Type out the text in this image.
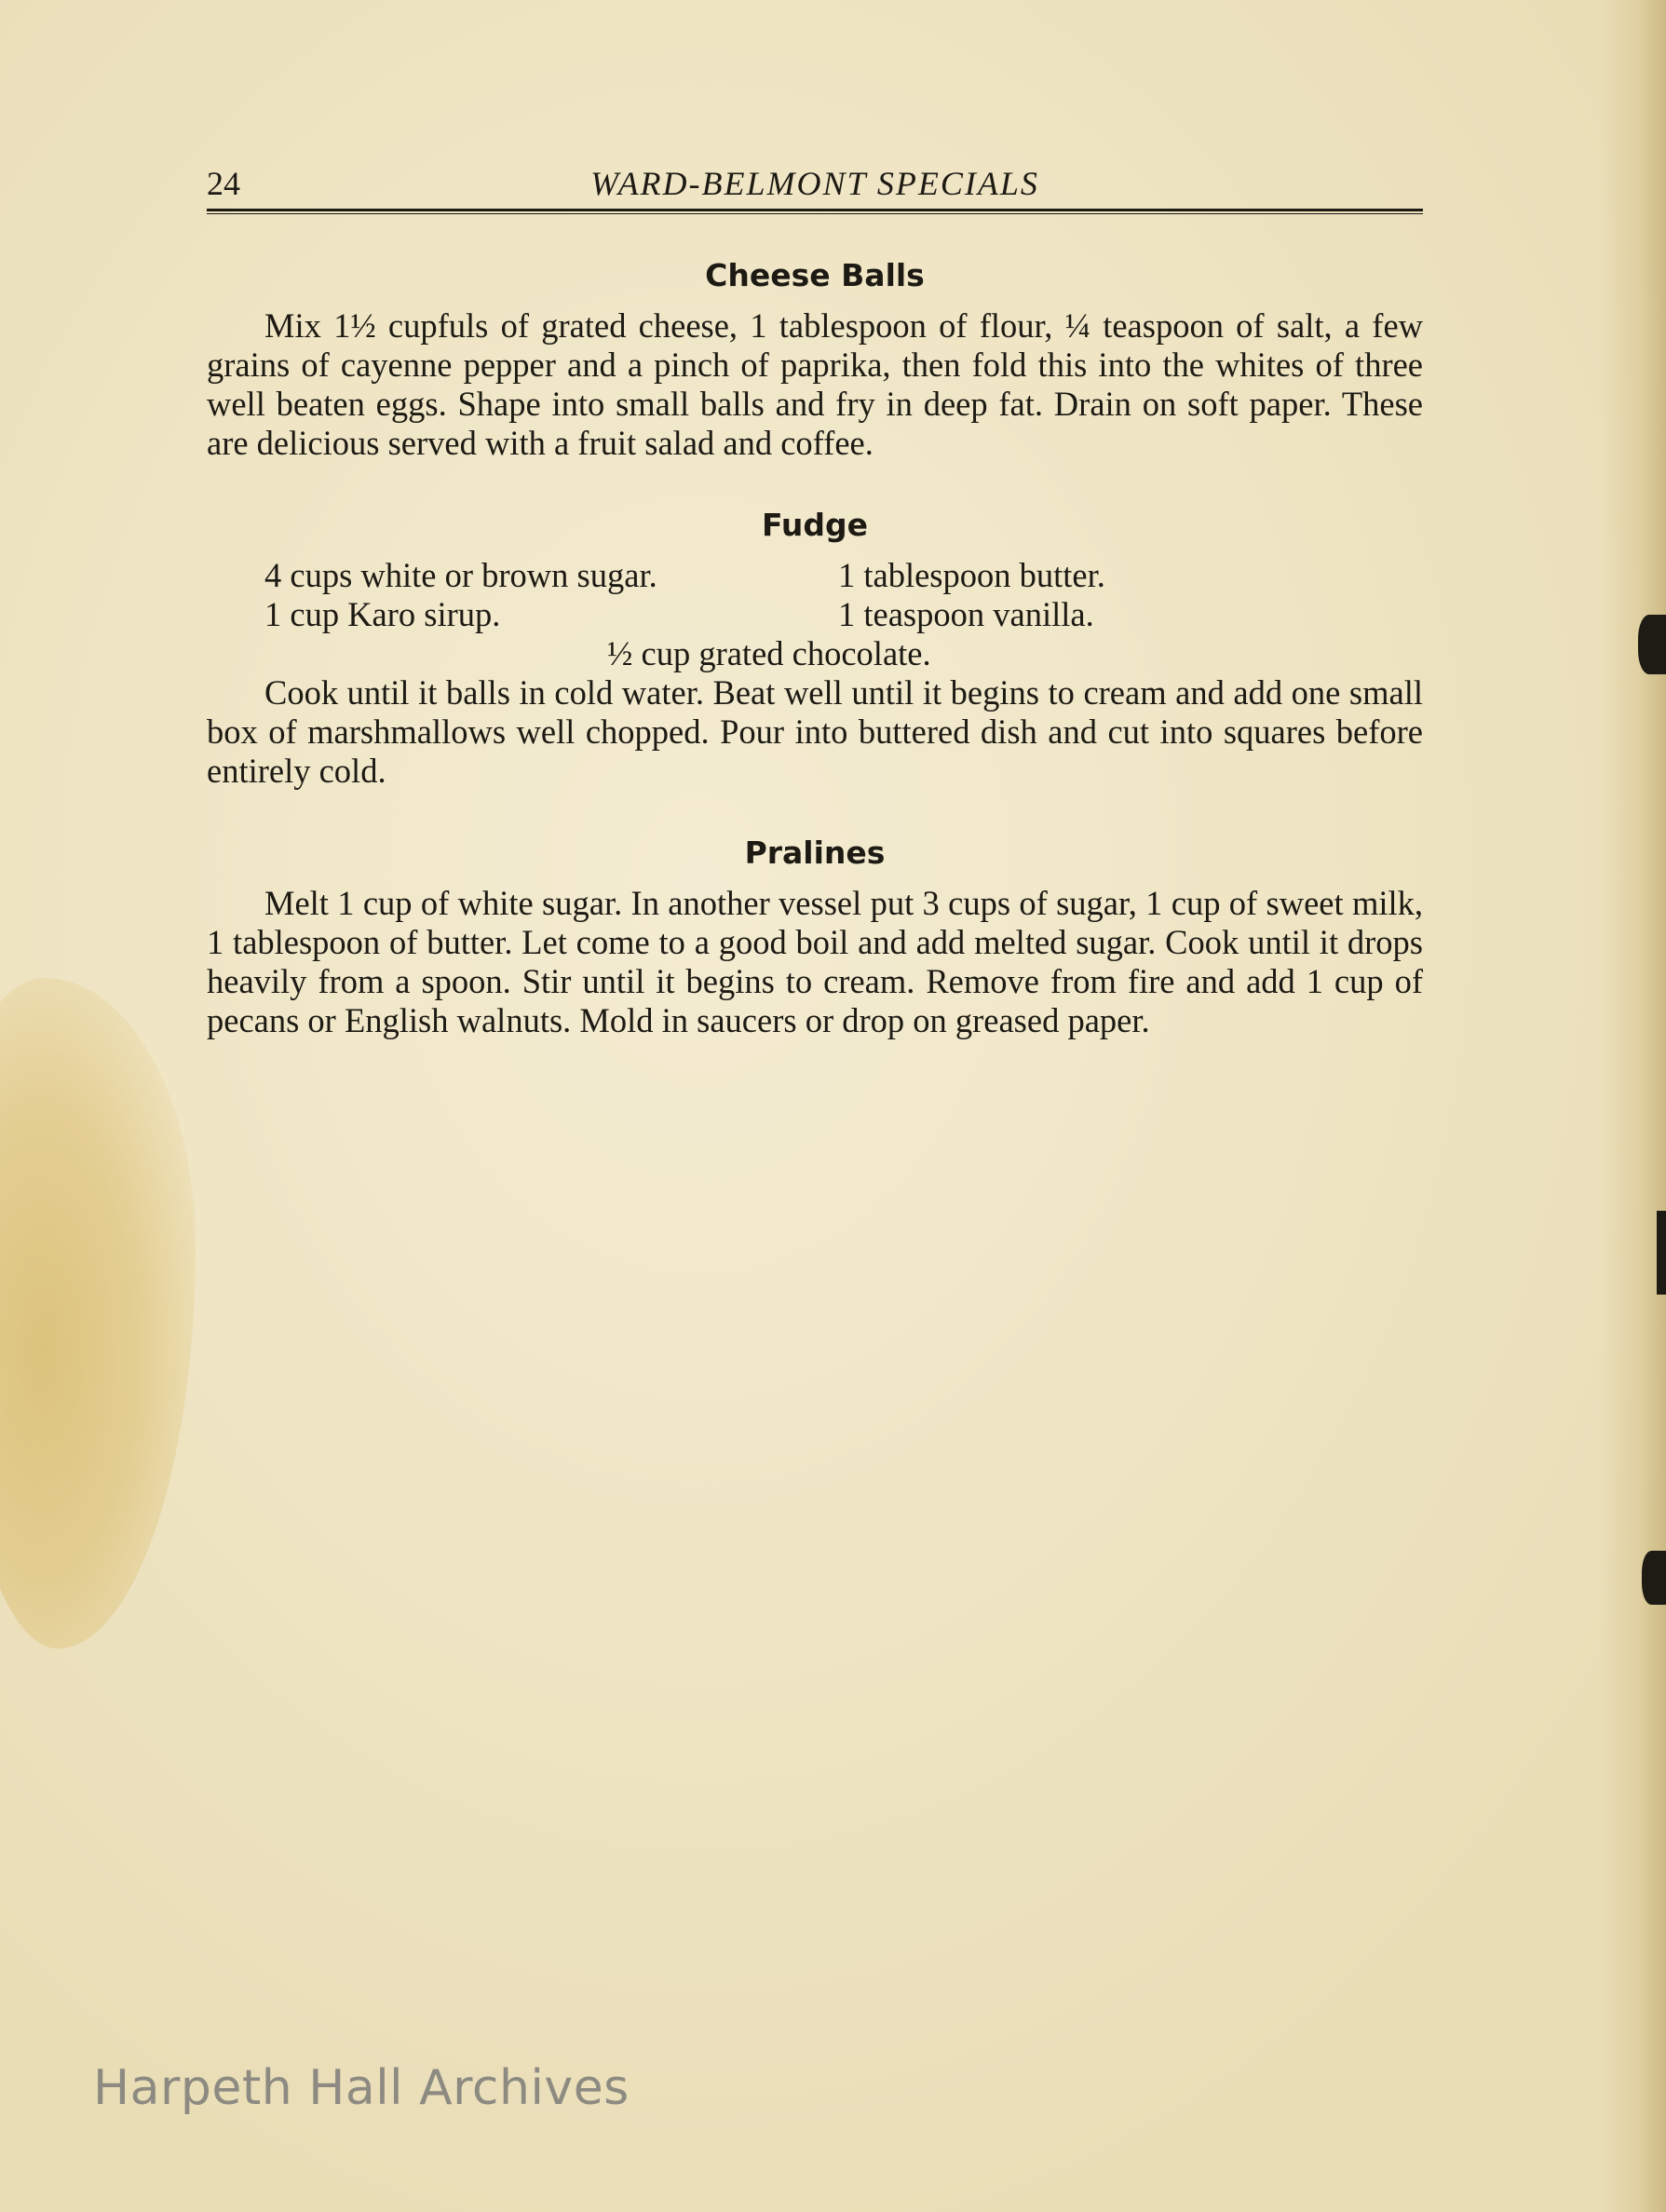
24	WARD-BELMONT SPECIALS
Cheese Balls
Mix 1½ cupfuls of grated cheese, 1 tablespoon of flour, ¼ teaspoon of salt, a few grains of cayenne pepper and a pinch of paprika, then fold this into the whites of three well beaten eggs. Shape into small balls and fry in deep fat. Drain on soft paper. These are delicious served with a fruit salad and coffee.
Fudge
4 cups white or brown sugar.	1 tablespoon butter.
1 cup Karo sirup.	1 teaspoon vanilla.
½ cup grated chocolate.
Cook until it balls in cold water. Beat well until it begins to cream and add one small box of marshmallows well chopped. Pour into buttered dish and cut into squares before entirely cold.
Pralines
Melt 1 cup of white sugar. In another vessel put 3 cups of sugar, 1 cup of sweet milk, 1 tablespoon of butter. Let come to a good boil and add melted sugar. Cook until it drops heavily from a spoon. Stir until it begins to cream. Remove from fire and add 1 cup of pecans or English walnuts. Mold in saucers or drop on greased paper.
Harpeth Hall Archives
